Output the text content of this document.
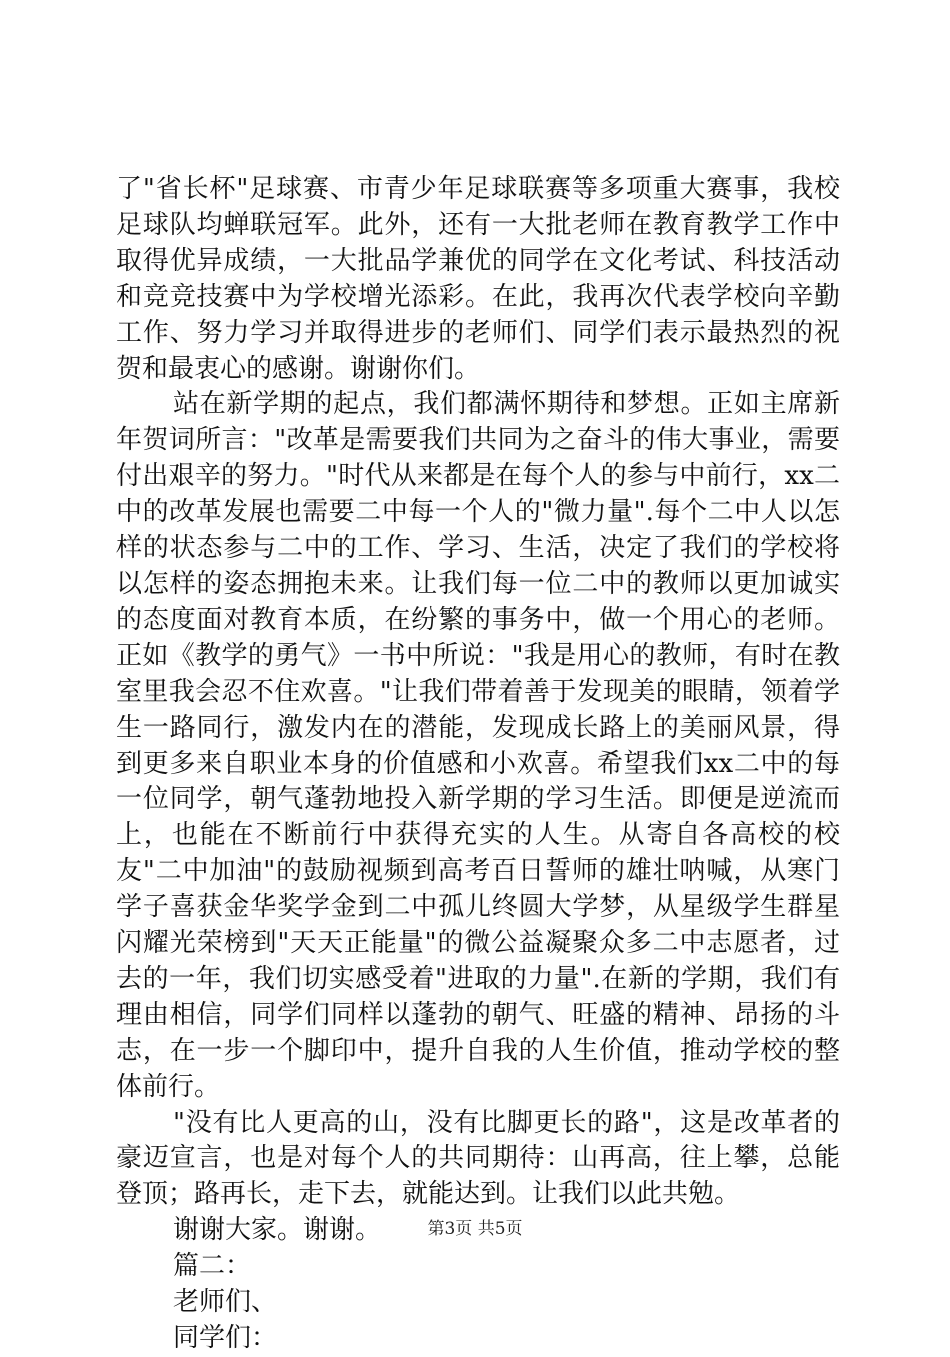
了"省长杯"足球赛、市青少年足球联赛等多项重大赛事，我校足球队均蝉联冠军。此外，还有一大批老师在教育教学工作中取得优异成绩，一大批品学兼优的同学在文化考试、科技活动和竞竞技赛中为学校增光添彩。在此，我再次代表学校向辛勤工作、努力学习并取得进步的老师们、同学们表示最热烈的祝贺和最衷心的感谢。谢谢你们。

站在新学期的起点，我们都满怀期待和梦想。正如主席新年贺词所言："改革是需要我们共同为之奋斗的伟大事业，需要付出艰辛的努力。"时代从来都是在每个人的参与中前行，xx二中的改革发展也需要二中每一个人的"微力量".每个二中人以怎样的状态参与二中的工作、学习、生活，决定了我们的学校将以怎样的姿态拥抱未来。让我们每一位二中的教师以更加诚实的态度面对教育本质，在纷繁的事务中，做一个用心的老师。正如《教学的勇气》一书中所说："我是用心的教师，有时在教室里我会忍不住欢喜。"让我们带着善于发现美的眼睛，领着学生一路同行，激发内在的潜能，发现成长路上的美丽风景，得到更多来自职业本身的价值感和小欢喜。希望我们xx二中的每一位同学，朝气蓬勃地投入新学期的学习生活。即便是逆流而上，也能在不断前行中获得充实的人生。从寄自各高校的校友"二中加油"的鼓励视频到高考百日誓师的雄壮呐喊，从寒门学子喜获金华奖学金到二中孤儿终圆大学梦，从星级学生群星闪耀光荣榜到"天天正能量"的微公益凝聚众多二中志愿者，过去的一年，我们切实感受着"进取的力量".在新的学期，我们有理由相信，同学们同样以蓬勃的朝气、旺盛的精神、昂扬的斗志，在一步一个脚印中，提升自我的人生价值，推动学校的整体前行。

"没有比人更高的山，没有比脚更长的路"，这是改革者的豪迈宣言，也是对每个人的共同期待：山再高，往上攀，总能登顶；路再长，走下去，就能达到。让我们以此共勉。

谢谢大家。谢谢。

篇二：

老师们、

同学们：

第3页 共5页
